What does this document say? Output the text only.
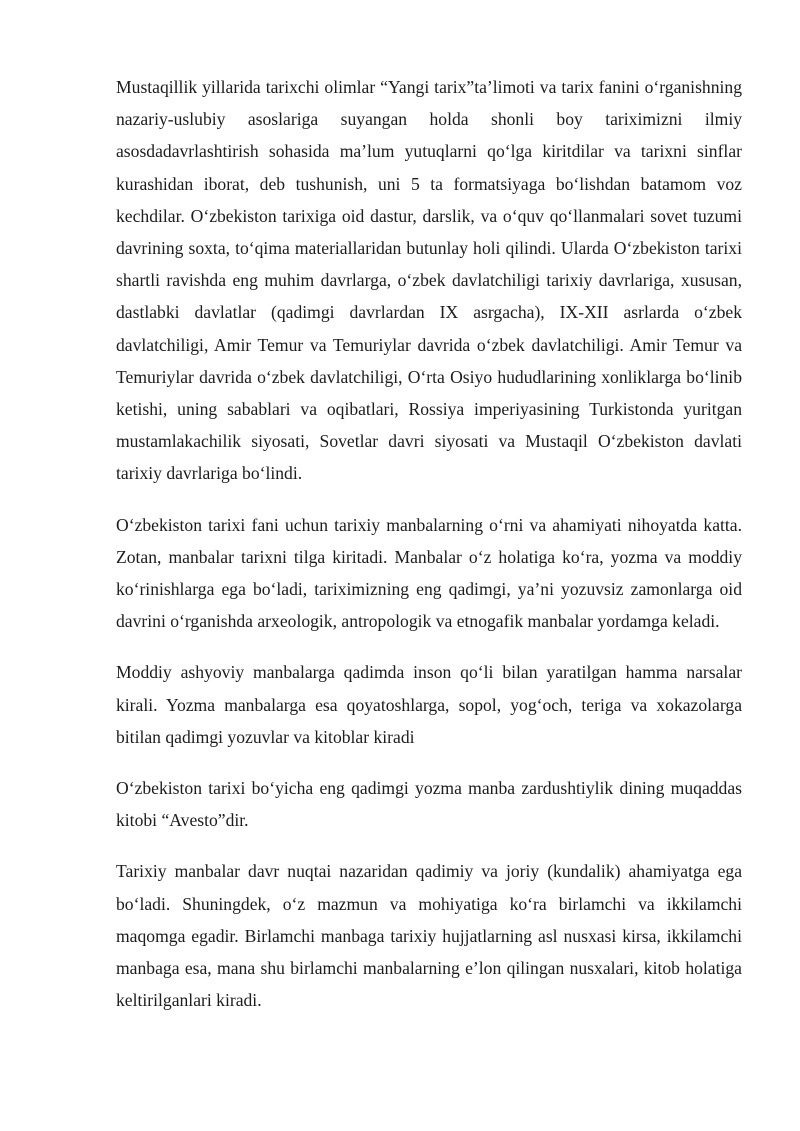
Mustaqillik yillarida tarixchi olimlar “Yangi tarix”ta’limoti va tarix fanini o‘rganishning nazariy-uslubiy asoslariga suyangan holda shonli boy tariximizni ilmiy asosdadavrlashtirish sohasida ma’lum yutuqlarni qo‘lga kiritdilar va tarixni sinflar kurashidan iborat, deb tushunish, uni 5 ta formatsiyaga bo‘lishdan batamom voz kechdilar. O‘zbekiston tarixiga oid dastur, darslik, va o‘quv qo‘llanmalari sovet tuzumi davrining soxta, to‘qima materiallaridan butunlay holi qilindi. Ularda O‘zbekiston tarixi shartli ravishda eng muhim davrlarga, o‘zbek davlatchiligi tarixiy davrlariga, xususan, dastlabki davlatlar (qadimgi davrlardan IX asrgacha), IX-XII asrlarda o‘zbek davlatchiligi, Amir Temur va Temuriylar davrida o‘zbek davlatchiligi. Amir Temur va Temuriylar davrida o‘zbek davlatchiligi, O‘rta Osiyo hududlarining xonliklarga bo‘linib ketishi, uning sabablari va oqibatlari, Rossiya imperiyasining Turkistonda yuritgan mustamlakachilik siyosati, Sovetlar davri siyosati va Mustaqil O‘zbekiston davlati tarixiy davrlariga bo‘lindi.

O‘zbekiston tarixi fani uchun tarixiy manbalarning o‘rni va ahamiyati nihoyatda katta. Zotan, manbalar tarixni tilga kiritadi. Manbalar o‘z holatiga ko‘ra, yozma va moddiy ko‘rinishlarga ega bo‘ladi, tariximizning eng qadimgi, ya’ni yozuvsiz zamonlarga oid davrini o‘rganishda arxeologik, antropologik va etnogafik manbalar yordamga keladi.

Moddiy ashyoviy manbalarga qadimda inson qo‘li bilan yaratilgan hamma narsalar kirali. Yozma manbalarga esa qoyatoshlarga, sopol, yog‘och, teriga va xokazolarga bitilan qadimgi yozuvlar va kitoblar kiradi

O‘zbekiston tarixi bo‘yicha eng qadimgi yozma manba zardushtiylik dining muqaddas kitobi “Avesto”dir.

Tarixiy manbalar davr nuqtai nazaridan qadimiy va joriy (kundalik) ahamiyatga ega bo‘ladi. Shuningdek, o‘z mazmun va mohiyatiga ko‘ra birlamchi va ikkilamchi maqomga egadir. Birlamchi manbaga tarixiy hujjatlarning asl nusxasi kirsa, ikkilamchi manbaga esa, mana shu birlamchi manbalarning e’lon qilingan nusxalari, kitob holatiga keltirilganlari kiradi.
